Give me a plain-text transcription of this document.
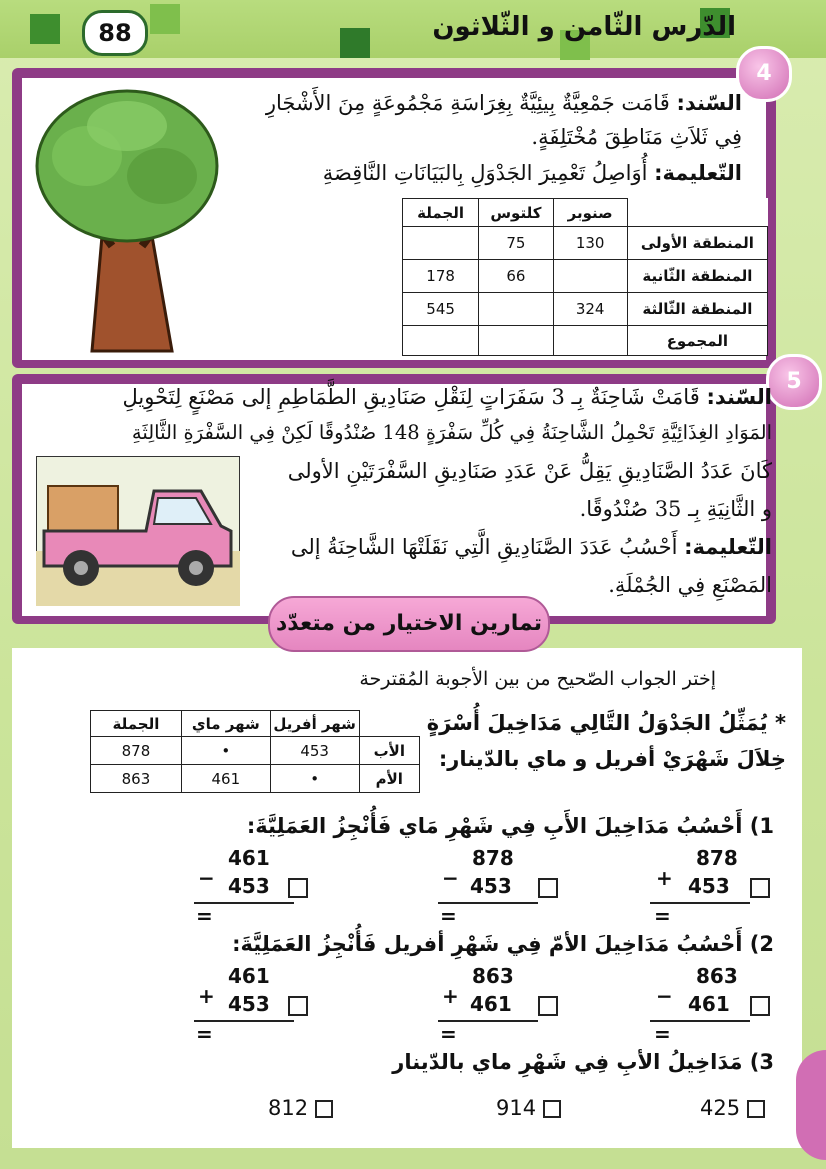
88	الدّرس الثّامن و الثّلاثون
4
السّند: قَامَت جَمْعِيَّةٌ بِيئِيَّةٌ بِغِرَاسَةِ مَجْمُوعَةٍ مِنَ الأَشْجَارِ
فِي ثَلاَثِ مَنَاطِقَ مُخْتَلِفَةٍ.
التّعليمة: أُوَاصِلُ تَعْمِيرَ الجَدْوَلِ بِالبَيَانَاتِ النَّاقِصَةِ
	صنوبر	كلتوس	الجملة
المنطقة الأولى	130	75	
المنطقة الثّانية		66	178
المنطقة الثّالثة	324		545
المجموع			
5
السّند: قَامَتْ شَاحِنَةٌ بِـ 3 سَفَرَاتٍ لِنَقْلِ صَنَادِيقِ الطَّمَاطِمِ إلى مَصْنَعٍ لِتَحْوِيلِ
المَوَادِ الغِذَائِيَّةِ تَحْمِلُ الشَّاحِنَةُ فِي كُلِّ سَفْرَةٍ 148 صُنْدُوقًا لَكِنْ فِي السَّفْرَةِ الثَّالِثَةِ
كَانَ عَدَدُ الصَّنَادِيقِ يَقِلُّ عَنْ عَدَدِ صَنَادِيقِ السَّفْرَتَيْنِ الأولى
و الثَّانِيَةِ بِـ 35 صُنْدُوقًا.
التّعليمة: أَحْسُبُ عَدَدَ الصَّنَادِيقِ الَّتِي نَقَلَتْهَا الشَّاحِنَةُ إلى
المَصْنَعِ فِي الجُمْلَةِ.
تمارين الاختيار من متعدّد
إختر الجواب الصّحيح من بين الأجوبة المُقترحة
* يُمَثِّلُ الجَدْوَلُ التَّالِي مَدَاخِيلَ أُسْرَةٍ
خِلاَلَ شَهْرَيْ أفريل و ماي بالدّينار:
	شهر أفريل	شهر ماي	الجملة
الأب	453	•	878
الأم	•	461	863
1) أَحْسُبُ مَدَاخِيلَ الأَبِ فِي شَهْرِ مَاي فَأُنْجِزُ العَمَلِيَّةَ:
878
+ 453
=
878
− 453
=
461
− 453
=
2) أَحْسُبُ مَدَاخِيلَ الأمّ فِي شَهْرِ أفريل فَأُنْجِزُ العَمَلِيَّةَ:
863
− 461
=
863
+ 461
=
461
+ 453
=
3) مَدَاخِيلُ الأبِ فِي شَهْرِ ماي بالدّينار
425
914
812
